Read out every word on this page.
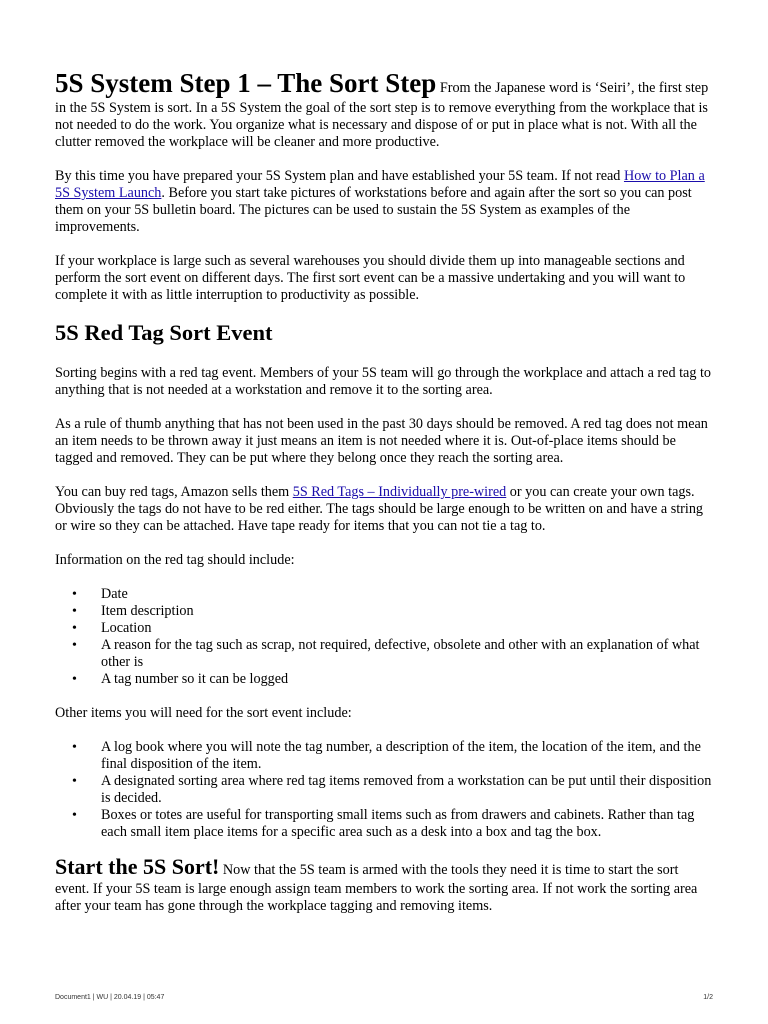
5S System Step 1 – The Sort Step From the Japanese word is ‘Seiri’, the first step in the 5S System is sort. In a 5S System the goal of the sort step is to remove everything from the workplace that is not needed to do the work. You organize what is necessary and dispose of or put in place what is not. With all the clutter removed the workplace will be cleaner and more productive.

By this time you have prepared your 5S System plan and have established your 5S team. If not read How to Plan a 5S System Launch. Before you start take pictures of workstations before and again after the sort so you can post them on your 5S bulletin board. The pictures can be used to sustain the 5S System as examples of the improvements.

If your workplace is large such as several warehouses you should divide them up into manageable sections and perform the sort event on different days. The first sort event can be a massive undertaking and you will want to complete it with as little interruption to productivity as possible.

5S Red Tag Sort Event

Sorting begins with a red tag event. Members of your 5S team will go through the workplace and attach a red tag to anything that is not needed at a workstation and remove it to the sorting area.

As a rule of thumb anything that has not been used in the past 30 days should be removed. A red tag does not mean an item needs to be thrown away it just means an item is not needed where it is. Out-of-place items should be tagged and removed. They can be put where they belong once they reach the sorting area.

You can buy red tags, Amazon sells them 5S Red Tags – Individually pre-wired or you can create your own tags. Obviously the tags do not have to be red either. The tags should be large enough to be written on and have a string or wire so they can be attached. Have tape ready for items that you can not tie a tag to.

Information on the red tag should include:

• Date
• Item description
• Location
• A reason for the tag such as scrap, not required, defective, obsolete and other with an explanation of what other is
• A tag number so it can be logged

Other items you will need for the sort event include:

• A log book where you will note the tag number, a description of the item, the location of the item, and the final disposition of the item.
• A designated sorting area where red tag items removed from a workstation can be put until their disposition is decided.
• Boxes or totes are useful for transporting small items such as from drawers and cabinets. Rather than tag each small item place items for a specific area such as a desk into a box and tag the box.

Start the 5S Sort! Now that the 5S team is armed with the tools they need it is time to start the sort event. If your 5S team is large enough assign team members to work the sorting area. If not work the sorting area after your team has gone through the workplace tagging and removing items.

Document1 | WU | 20.04.19 | 05:47	1/2
